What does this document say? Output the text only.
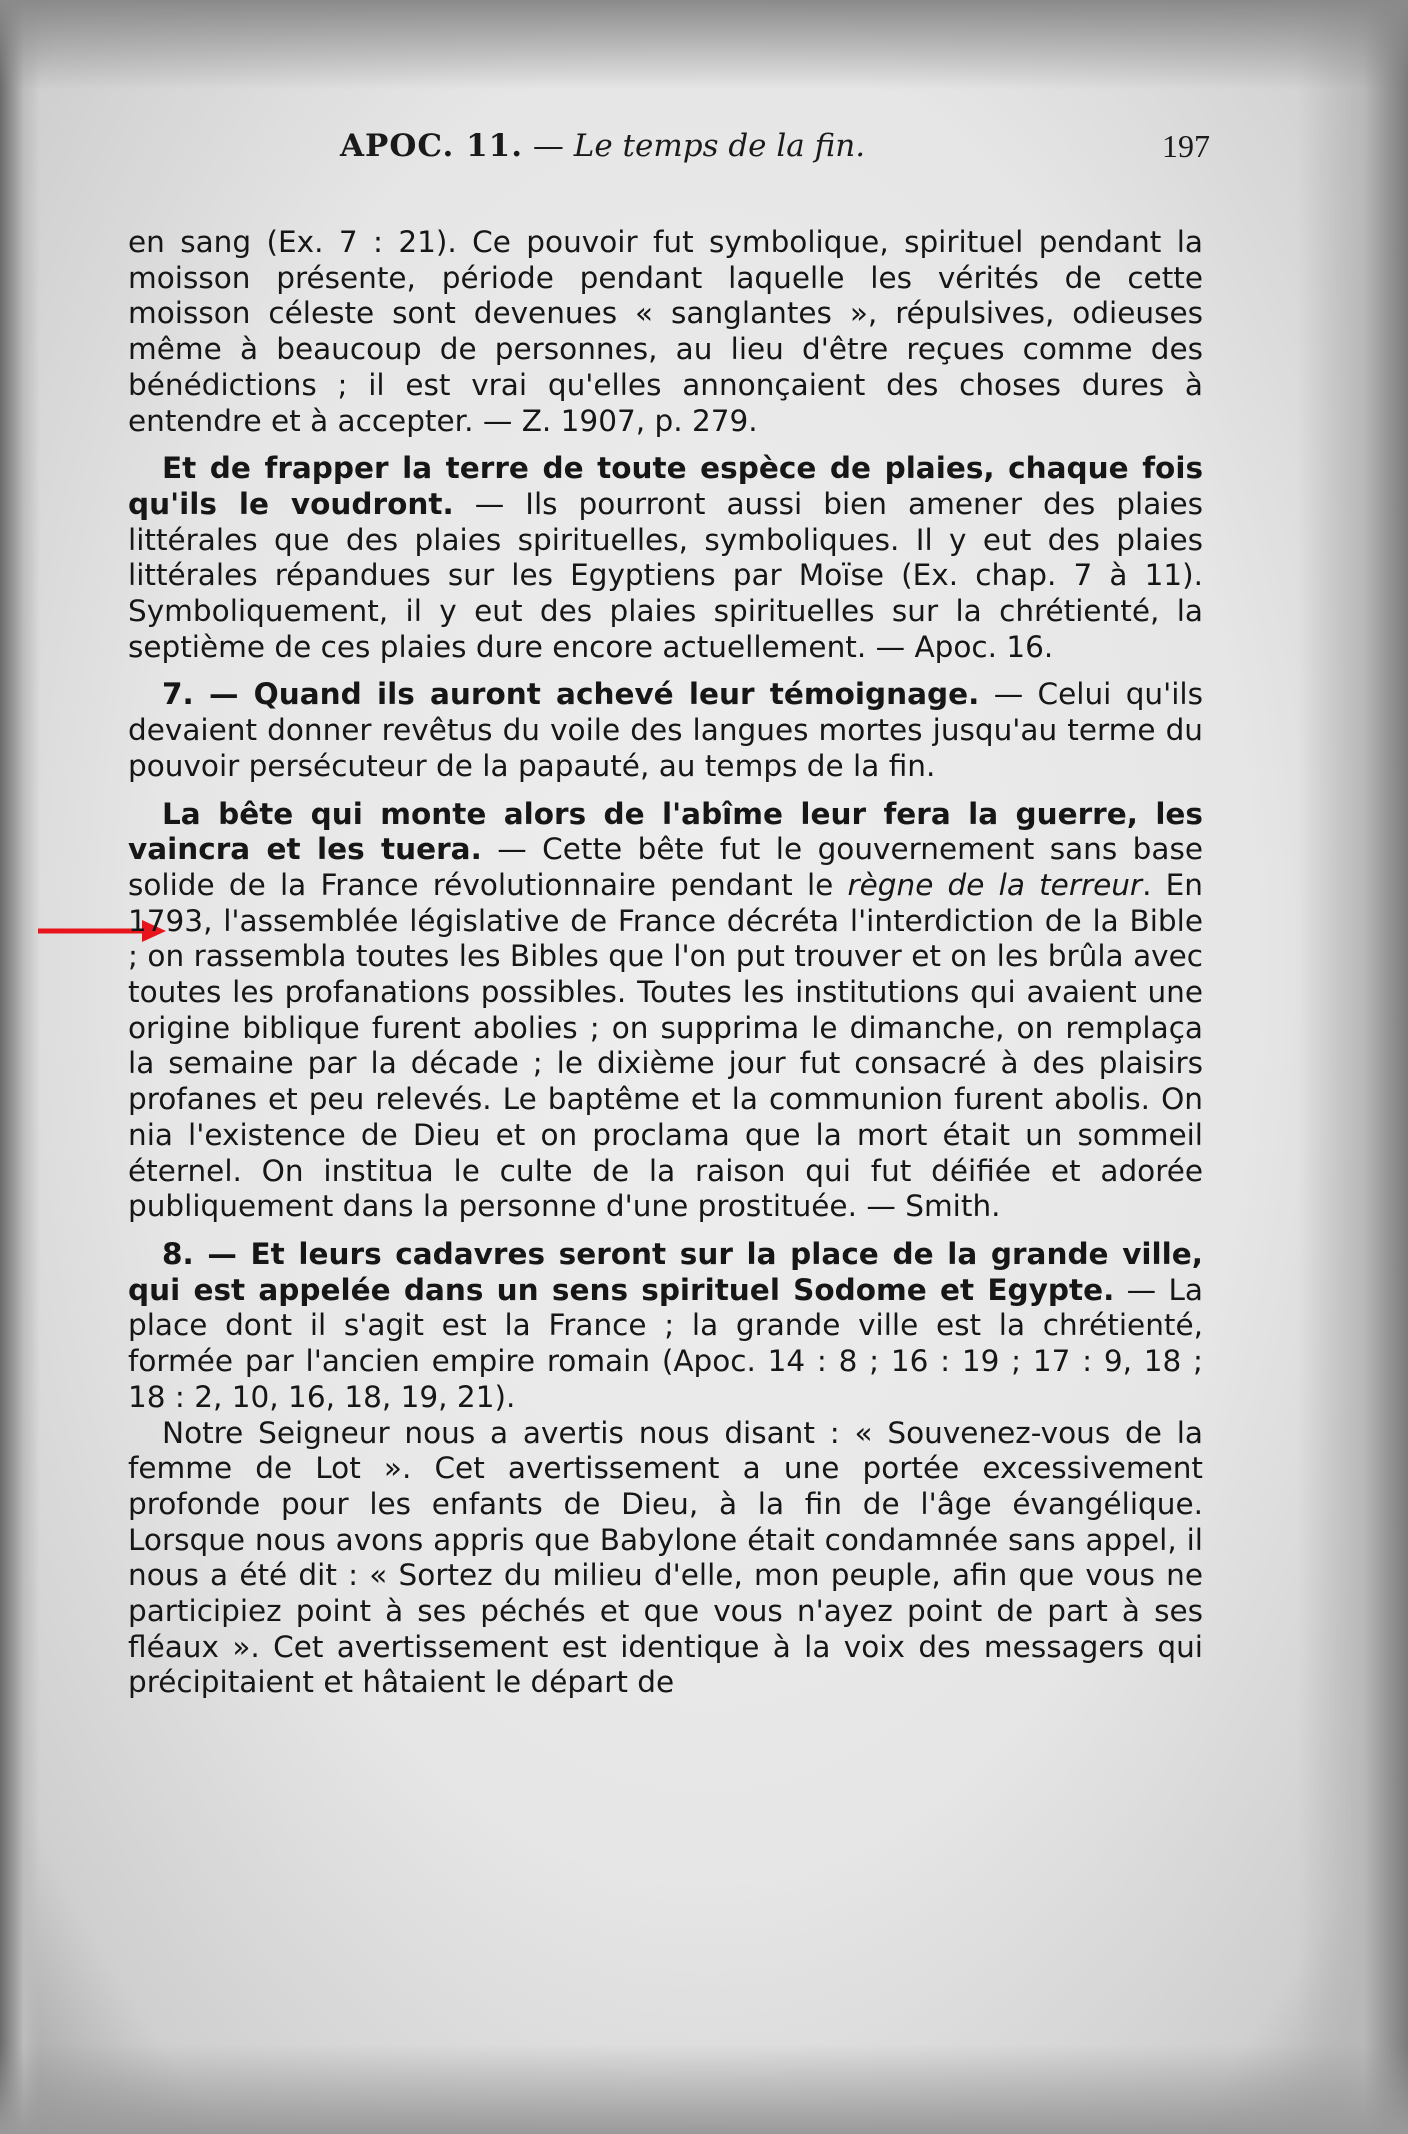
APOC. 11. — Le temps de la fin.	197

en sang (Ex. 7 : 21). Ce pouvoir fut symbolique, spirituel pendant la moisson présente, période pendant laquelle les vérités de cette moisson céleste sont devenues « sanglantes », répulsives, odieuses même à beaucoup de personnes, au lieu d'être reçues comme des bénédictions ; il est vrai qu'elles annonçaient des choses dures à entendre et à accepter. — Z. 1907, p. 279.

Et de frapper la terre de toute espèce de plaies, chaque fois qu'ils le voudront. — Ils pourront aussi bien amener des plaies littérales que des plaies spirituelles, symboliques. Il y eut des plaies littérales répandues sur les Egyptiens par Moïse (Ex. chap. 7 à 11). Symboliquement, il y eut des plaies spirituelles sur la chrétienté, la septième de ces plaies dure encore actuellement. — Apoc. 16.

7. — Quand ils auront achevé leur témoignage. — Celui qu'ils devaient donner revêtus du voile des langues mortes jusqu'au terme du pouvoir persécuteur de la papauté, au temps de la fin.

La bête qui monte alors de l'abîme leur fera la guerre, les vaincra et les tuera. — Cette bête fut le gouvernement sans base solide de la France révolutionnaire pendant le règne de la terreur. En 1793, l'assemblée législative de France décréta l'interdiction de la Bible ; on rassembla toutes les Bibles que l'on put trouver et on les brûla avec toutes les profanations possibles. Toutes les institutions qui avaient une origine biblique furent abolies ; on supprima le dimanche, on remplaça la semaine par la décade ; le dixième jour fut consacré à des plaisirs profanes et peu relevés. Le baptême et la communion furent abolis. On nia l'existence de Dieu et on proclama que la mort était un sommeil éternel. On institua le culte de la raison qui fut déifiée et adorée publiquement dans la personne d'une prostituée. — Smith.

8. — Et leurs cadavres seront sur la place de la grande ville, qui est appelée dans un sens spirituel Sodome et Egypte. — La place dont il s'agit est la France ; la grande ville est la chrétienté, formée par l'ancien empire romain (Apoc. 14 : 8 ; 16 : 19 ; 17 : 9, 18 ; 18 : 2, 10, 16, 18, 19, 21).

Notre Seigneur nous a avertis nous disant : « Souvenez-vous de la femme de Lot ». Cet avertissement a une portée excessivement profonde pour les enfants de Dieu, à la fin de l'âge évangélique. Lorsque nous avons appris que Babylone était condamnée sans appel, il nous a été dit : « Sortez du milieu d'elle, mon peuple, afin que vous ne participiez point à ses péchés et que vous n'ayez point de part à ses fléaux ». Cet avertissement est identique à la voix des messagers qui précipitaient et hâtaient le départ de
